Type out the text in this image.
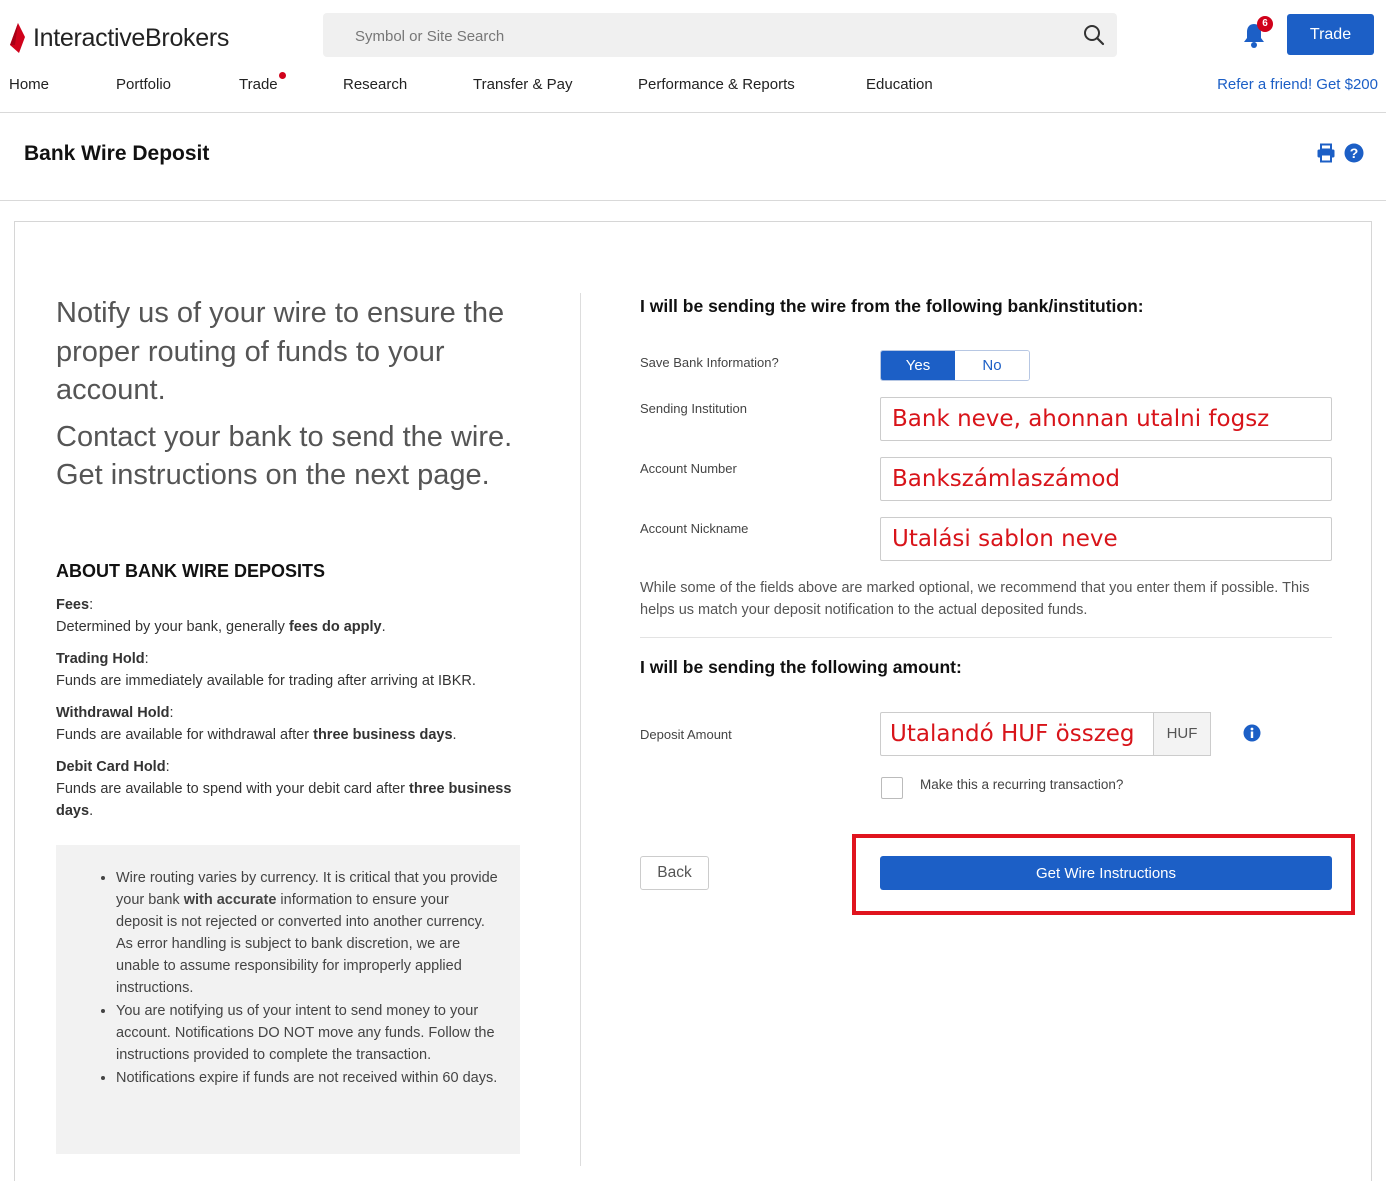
InteractiveBrokers
Symbol or Site Search	6
Trade
Home	Portfolio	Trade	Research	Transfer & Pay	Performance & Reports	Education	Refer a friend! Get $200
Bank Wire Deposit	?

Notify us of your wire to ensure the proper routing of funds to your account.

Contact your bank to send the wire. Get instructions on the next page.

ABOUT BANK WIRE DEPOSITS
Fees:
Determined by your bank, generally fees do apply.
Trading Hold:
Funds are immediately available for trading after arriving at IBKR.
Withdrawal Hold:
Funds are available for withdrawal after three business days.
Debit Card Hold:
Funds are available to spend with your debit card after three business days.
• Wire routing varies by currency. It is critical that you provide your bank with accurate information to ensure your deposit is not rejected or converted into another currency. As error handling is subject to bank discretion, we are unable to assume responsibility for improperly applied instructions.
• You are notifying us of your intent to send money to your account. Notifications DO NOT move any funds. Follow the instructions provided to complete the transaction.
• Notifications expire if funds are not received within 60 days.
I will be sending the wire from the following bank/institution:
Save Bank Information?	Yes	No
Sending Institution	Bank neve, ahonnan utalni fogsz
Account Number	Bankszámlaszámod
Account Nickname	Utalási sablon neve
While some of the fields above are marked optional, we recommend that you enter them if possible. This helps us match your deposit notification to the actual deposited funds.
I will be sending the following amount:
Deposit Amount	Utalandó HUF összeg	HUF
Make this a recurring transaction?
Back	Get Wire Instructions
